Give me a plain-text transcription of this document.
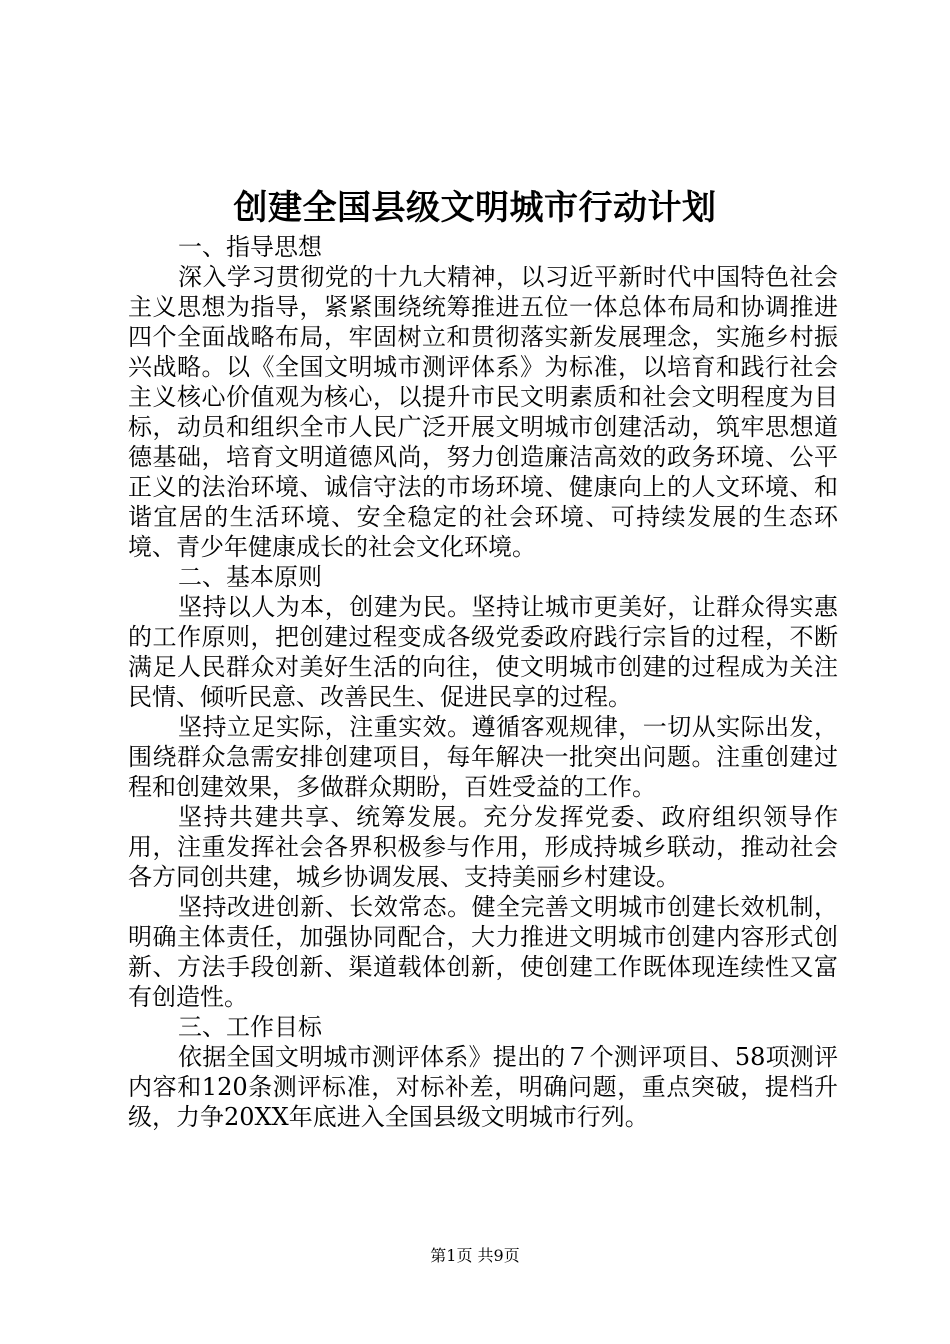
创建全国县级文明城市行动计划

一、指导思想

深入学习贯彻党的十九大精神，以习近平新时代中国特色社会主义思想为指导，紧紧围绕统筹推进五位一体总体布局和协调推进四个全面战略布局，牢固树立和贯彻落实新发展理念，实施乡村振兴战略。以《全国文明城市测评体系》为标准，以培育和践行社会主义核心价值观为核心，以提升市民文明素质和社会文明程度为目标，动员和组织全市人民广泛开展文明城市创建活动，筑牢思想道德基础，培育文明道德风尚，努力创造廉洁高效的政务环境、公平正义的法治环境、诚信守法的市场环境、健康向上的人文环境、和谐宜居的生活环境、安全稳定的社会环境、可持续发展的生态环境、青少年健康成长的社会文化环境。

二、基本原则

坚持以人为本，创建为民。坚持让城市更美好，让群众得实惠的工作原则，把创建过程变成各级党委政府践行宗旨的过程，不断满足人民群众对美好生活的向往，使文明城市创建的过程成为关注民情、倾听民意、改善民生、促进民享的过程。

坚持立足实际，注重实效。遵循客观规律，一切从实际出发，围绕群众急需安排创建项目，每年解决一批突出问题。注重创建过程和创建效果，多做群众期盼，百姓受益的工作。

坚持共建共享、统筹发展。充分发挥党委、政府组织领导作用，注重发挥社会各界积极参与作用，形成持城乡联动，推动社会各方同创共建，城乡协调发展、支持美丽乡村建设。

坚持改进创新、长效常态。健全完善文明城市创建长效机制，明确主体责任，加强协同配合，大力推进文明城市创建内容形式创新、方法手段创新、渠道载体创新，使创建工作既体现连续性又富有创造性。

三、工作目标

依据全国文明城市测评体系》提出的７个测评项目、58项测评内容和120条测评标准，对标补差，明确问题，重点突破，提档升级，力争20XX年底进入全国县级文明城市行列。

第1页 共9页
